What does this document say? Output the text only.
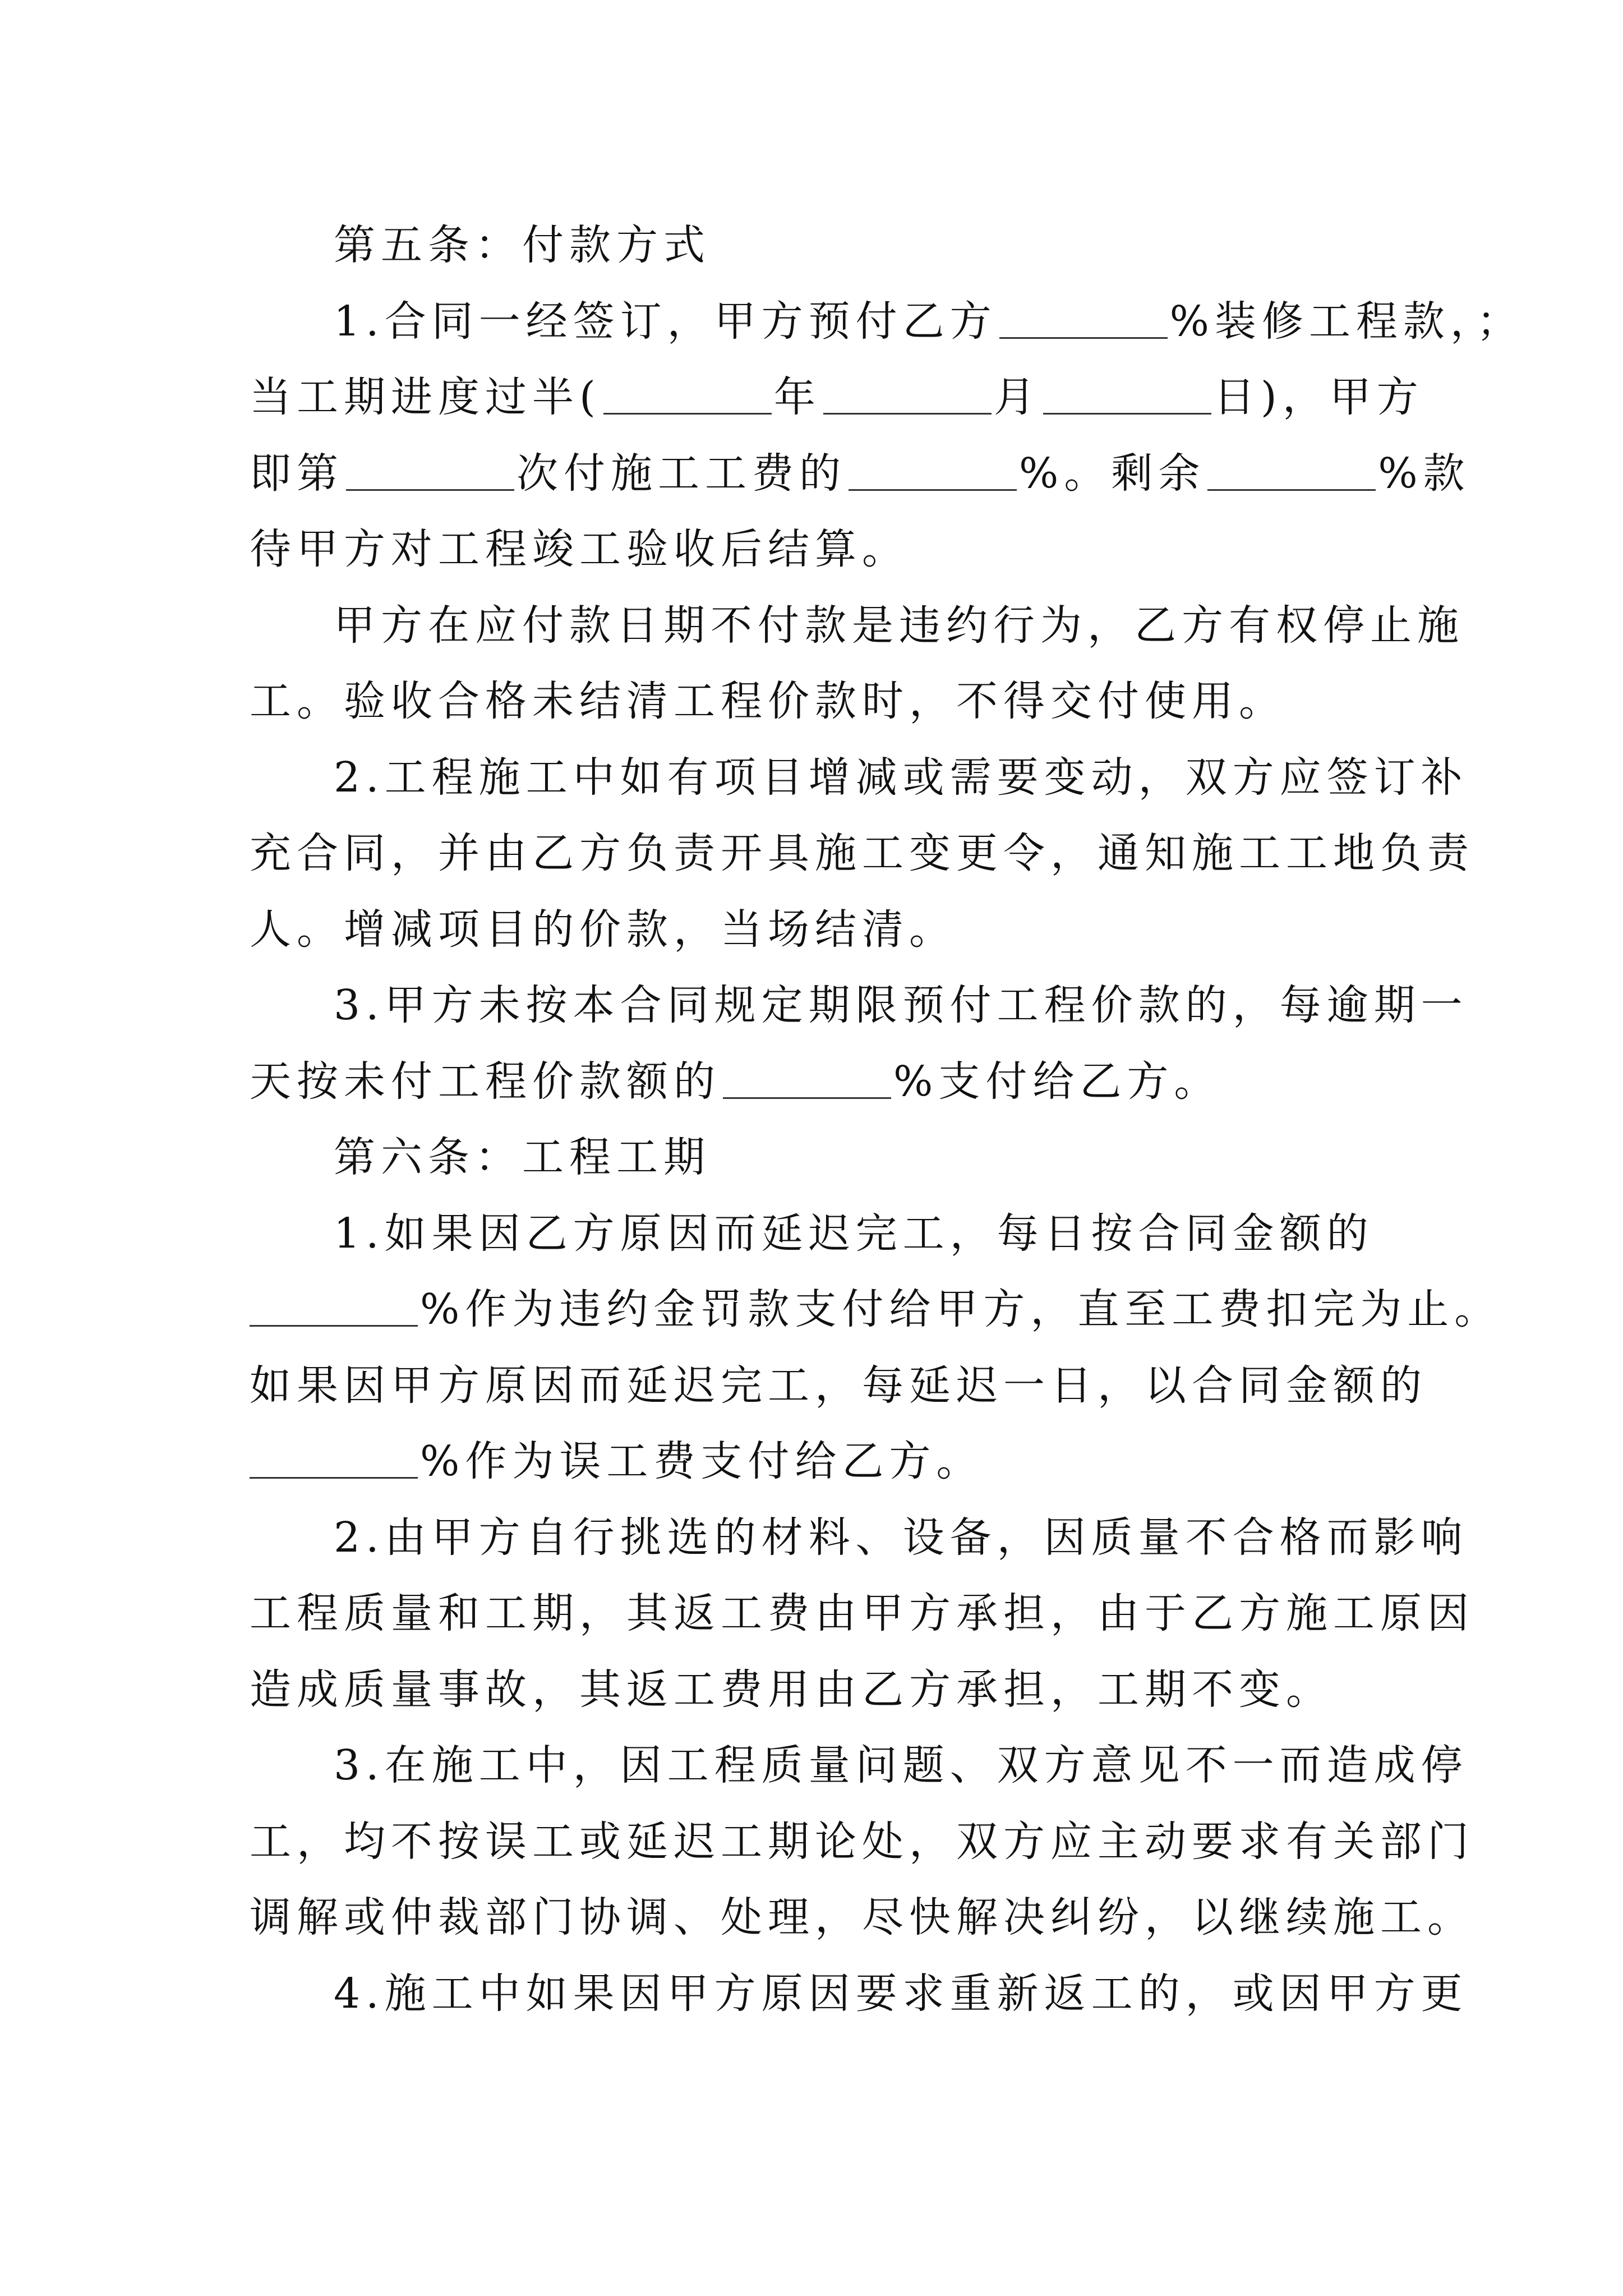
第五条：付款方式
1.合同一经签订，甲方预付乙方	%装修工程款，；
当工期进度过半(	年	月	日)，甲方
即第	次付施工工费的	%。剩余	%款
待甲方对工程竣工验收后结算。
甲方在应付款日期不付款是违约行为，乙方有权停止施
工。验收合格未结清工程价款时，不得交付使用。
2.工程施工中如有项目增减或需要变动，双方应签订补
充合同，并由乙方负责开具施工变更令，通知施工工地负责
人。增减项目的价款，当场结清。
3.甲方未按本合同规定期限预付工程价款的，每逾期一
天按未付工程价款额的	%支付给乙方。
第六条：工程工期
1.如果因乙方原因而延迟完工，每日按合同金额的
%作为违约金罚款支付给甲方，直至工费扣完为止。
如果因甲方原因而延迟完工，每延迟一日，以合同金额的
%作为误工费支付给乙方。
2.由甲方自行挑选的材料、设备，因质量不合格而影响
工程质量和工期，其返工费由甲方承担，由于乙方施工原因
造成质量事故，其返工费用由乙方承担，工期不变。
3.在施工中，因工程质量问题、双方意见不一而造成停
工，均不按误工或延迟工期论处，双方应主动要求有关部门
调解或仲裁部门协调、处理，尽快解决纠纷，以继续施工。
4.施工中如果因甲方原因要求重新返工的，或因甲方更
